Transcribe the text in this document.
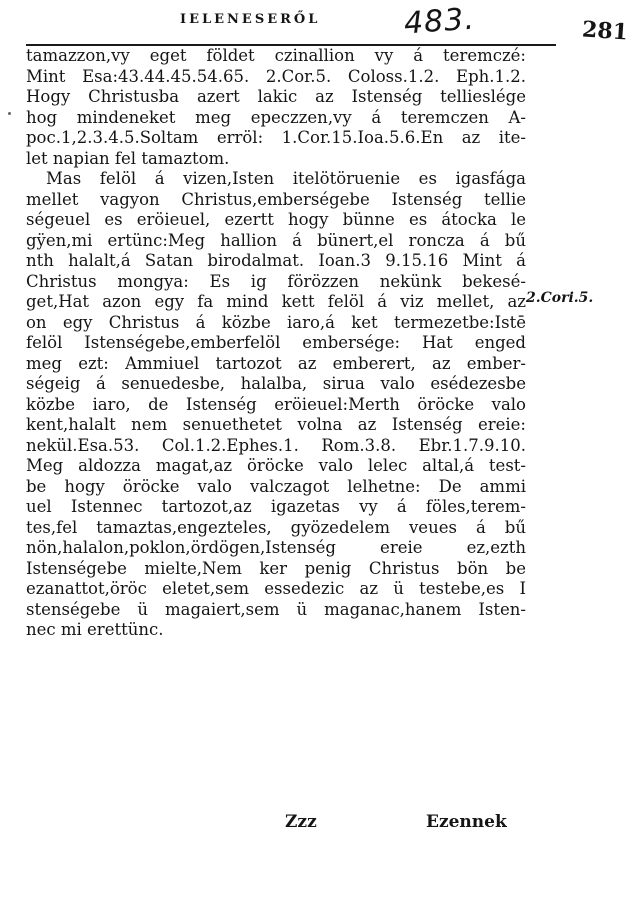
IELENESERŐL	483.	281
tamazzon,vy eget földet czinallion vy á teremczé:
Mint Esa:43.44.45.54.65. 2.Cor.5. Coloss.1.2. Eph.1.2.
Hogy Christusba azert lakic az Istenség tellieslége
hog mindeneket meg epeczzen,vy á teremczen A-
poc.1,2.3.4.5.Soltam erröl: 1.Cor.15.Ioa.5.6.En az ite-
let napian fel tamaztom.
Mas felöl á vizen,Isten itelötöruenie es igasfága
mellet vagyon Christus,emberségebe Istenség tellie
ségeuel es eröieuel, ezertt hogy bünne es átocka le
gÿen,mi ertünc:Meg hallion á bünert,el roncza á bű
nth halalt,á Satan birodalmat. Ioan.3 9.15.16 Mint á
Christus mongya: Es ig förözzen nekünk bekesé-
get,Hat azon egy fa mind kett felöl á viz mellet, az
on egy Christus á közbe iaro,á ket termezetbe:Istē
felöl Istenségebe,emberfelöl embersége: Hat enged
meg ezt: Ammiuel tartozot az emberert, az ember-
ségeig á senuedesbe, halalba, sirua valo esédezesbe
közbe iaro, de Istenség eröieuel:Merth öröcke valo
kent,halalt nem senuethetet volna az Istenség ereie:
nekül.Esa.53. Col.1.2.Ephes.1. Rom.3.8. Ebr.1.7.9.10.
Meg aldozza magat,az öröcke valo lelec altal,á test-
be hogy öröcke valo valczagot lelhetne: De ammi
uel Istennec tartozot,az igazetas vy á föles,terem-
tes,fel tamaztas,engezteles, gyözedelem veues á bű
nön,halalon,poklon,ördögen,Istenség ereie ez,ezth
Istenségebe mielte,Nem ker penig Christus bön be
ezanattot,öröc eletet,sem essedezic az ü testebe,es I
stenségebe ü magaiert,sem ü maganac,hanem Isten-
nec mi erettünc.
2.Cori.5.
Zzz	Ezennek
